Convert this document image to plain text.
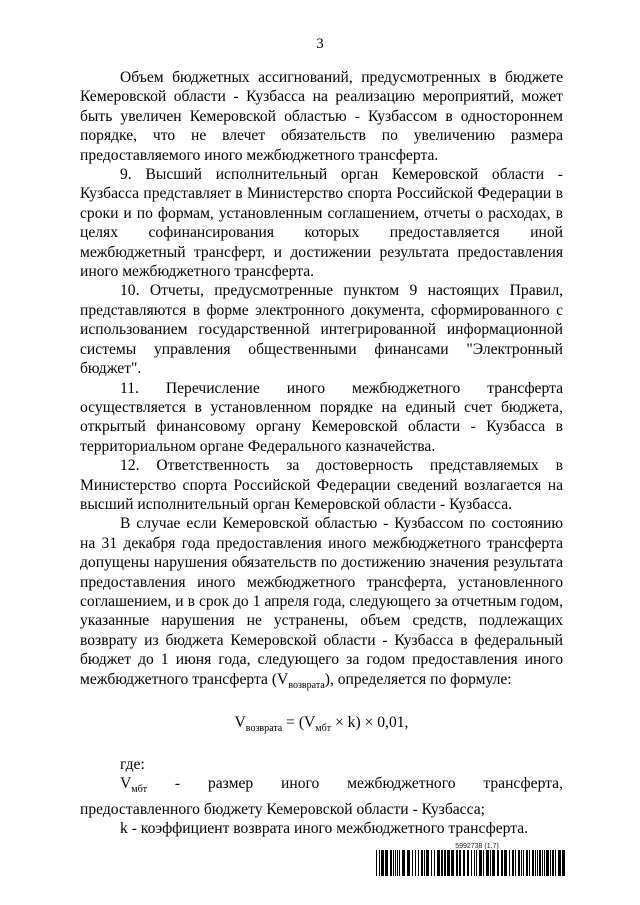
3

Объем бюджетных ассигнований, предусмотренных в бюджете Кемеровской области - Кузбасса на реализацию мероприятий, может быть увеличен Кемеровской областью - Кузбассом в одностороннем порядке, что не влечет обязательств по увеличению размера предоставляемого иного межбюджетного трансферта.

9. Высший исполнительный орган Кемеровской области - Кузбасса представляет в Министерство спорта Российской Федерации в сроки и по формам, установленным соглашением, отчеты о расходах, в целях софинансирования которых предоставляется иной межбюджетный трансферт, и достижении результата предоставления иного межбюджетного трансферта.

10. Отчеты, предусмотренные пунктом 9 настоящих Правил, представляются в форме электронного документа, сформированного с использованием государственной интегрированной информационной системы управления общественными финансами "Электронный бюджет".

11. Перечисление иного межбюджетного трансферта осуществляется в установленном порядке на единый счет бюджета, открытый финансовому органу Кемеровской области - Кузбасса в территориальном органе Федерального казначейства.

12. Ответственность за достоверность представляемых в Министерство спорта Российской Федерации сведений возлагается на высший исполнительный орган Кемеровской области - Кузбасса.

В случае если Кемеровской областью - Кузбассом по состоянию на 31 декабря года предоставления иного межбюджетного трансферта допущены нарушения обязательств по достижению значения результата предоставления иного межбюджетного трансферта, установленного соглашением, и в срок до 1 апреля года, следующего за отчетным годом, указанные нарушения не устранены, объем средств, подлежащих возврату из бюджета Кемеровской области - Кузбасса в федеральный бюджет до 1 июня года, следующего за годом предоставления иного межбюджетного трансферта $(V_{возврата})$, определяется по формуле:

$V_{возврата} = (V_{мбт} \times k) \times 0,01$,

где:

$V_{мбт}$ - размер иного межбюджетного трансферта, предоставленного бюджету Кемеровской области - Кузбасса;

k - коэффициент возврата иного межбюджетного трансферта.

5992738 (1.7)
